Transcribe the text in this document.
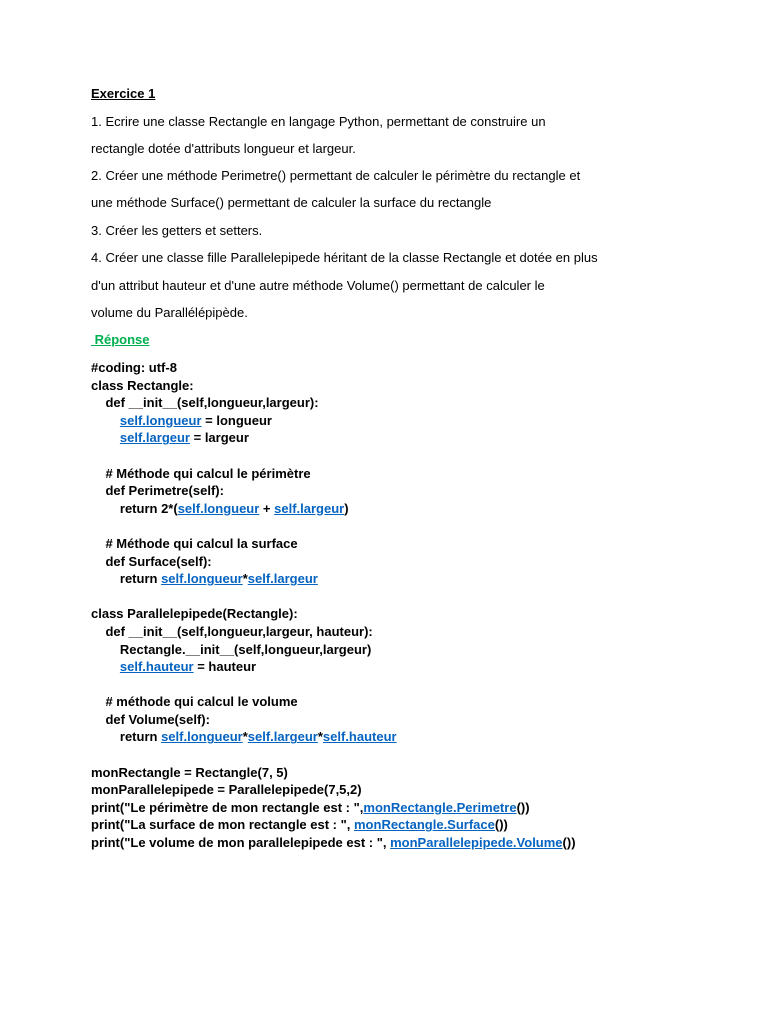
Exercice 1
1. Ecrire une classe Rectangle en langage Python, permettant de construire un
rectangle dotée d'attributs longueur et largeur.
2. Créer une méthode Perimetre() permettant de calculer le périmètre du rectangle et
une méthode Surface() permettant de calculer la surface du rectangle
3. Créer les getters et setters.
4. Créer une classe fille Parallelepipede héritant de la classe Rectangle et dotée en plus
d'un attribut hauteur et d'une autre méthode Volume() permettant de calculer le
volume du Parallélépipède.
Réponse
#coding: utf-8
class Rectangle:
def __init__(self,longueur,largeur):
self.longueur = longueur
self.largeur = largeur

# Méthode qui calcul le périmètre
def Perimetre(self):
return 2*(self.longueur + self.largeur)

# Méthode qui calcul la surface
def Surface(self):
return self.longueur*self.largeur

class Parallelepipede(Rectangle):
def __init__(self,longueur,largeur, hauteur):
Rectangle.__init__(self,longueur,largeur)
self.hauteur = hauteur

# méthode qui calcul le volume
def Volume(self):
return self.longueur*self.largeur*self.hauteur

monRectangle = Rectangle(7, 5)
monParallelepipede = Parallelepipede(7,5,2)
print("Le périmètre de mon rectangle est : ",monRectangle.Perimetre())
print("La surface de mon rectangle est : ", monRectangle.Surface())
print("Le volume de mon parallelepipede est : ", monParallelepipede.Volume())
